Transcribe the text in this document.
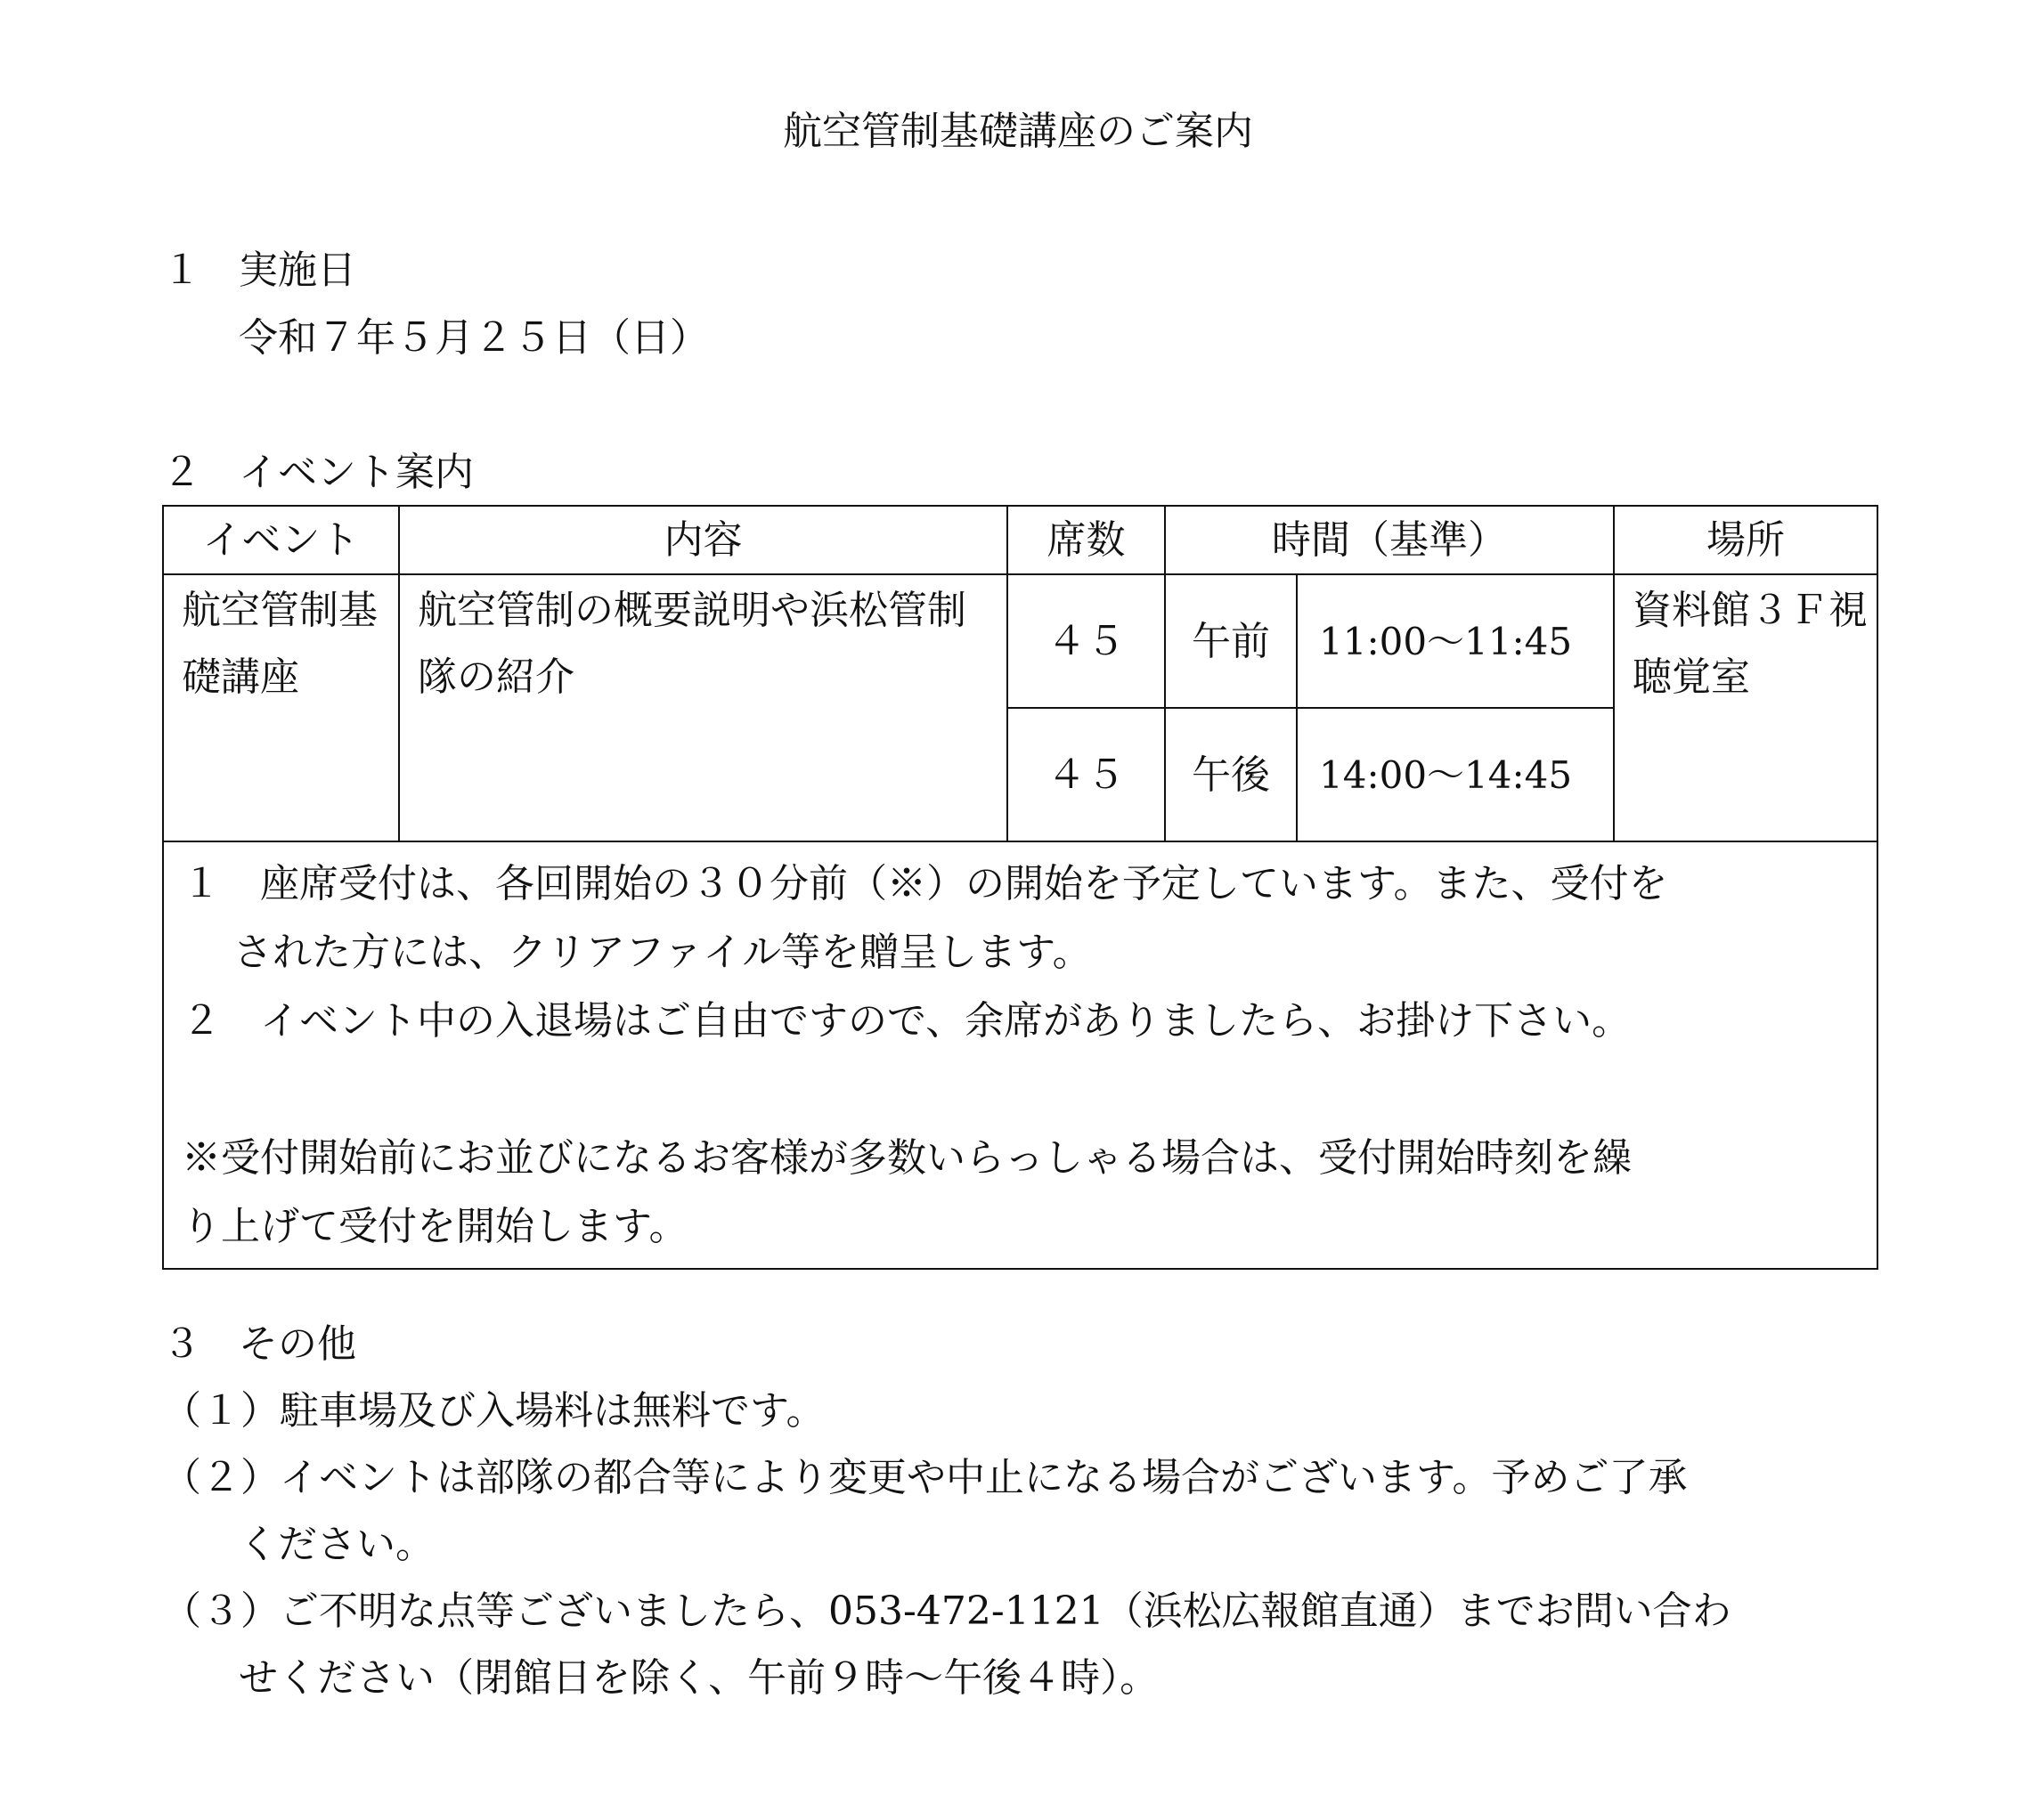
航空管制基礎講座のご案内
１ 実施日
令和７年５月２５日（日）
２ イベント案内
イベント	内容	席数	時間（基準）		場所
航空管制基礎講座	航空管制の概要説明や浜松管制隊の紹介	４５	午前	11:00～11:45	資料館３Ｆ視聴覚室
		４５	午後	14:00～14:45	

１　座席受付は、各回開始の３０分前（※）の開始を予定しています。また、受付を
された方には、クリアファイル等を贈呈します。
２　イベント中の入退場はご自由ですので、余席がありましたら、お掛け下さい。
※受付開始前にお並びになるお客様が多数いらっしゃる場合は、受付開始時刻を繰
り上げて受付を開始します。					
３ その他
（１）駐車場及び入場料は無料です。
（２）イベントは部隊の都合等により変更や中止になる場合がございます。予めご了承
ください。
（３）ご不明な点等ございましたら、053-472-1121（浜松広報館直通）までお問い合わ
せください（閉館日を除く、午前９時～午後４時）。
